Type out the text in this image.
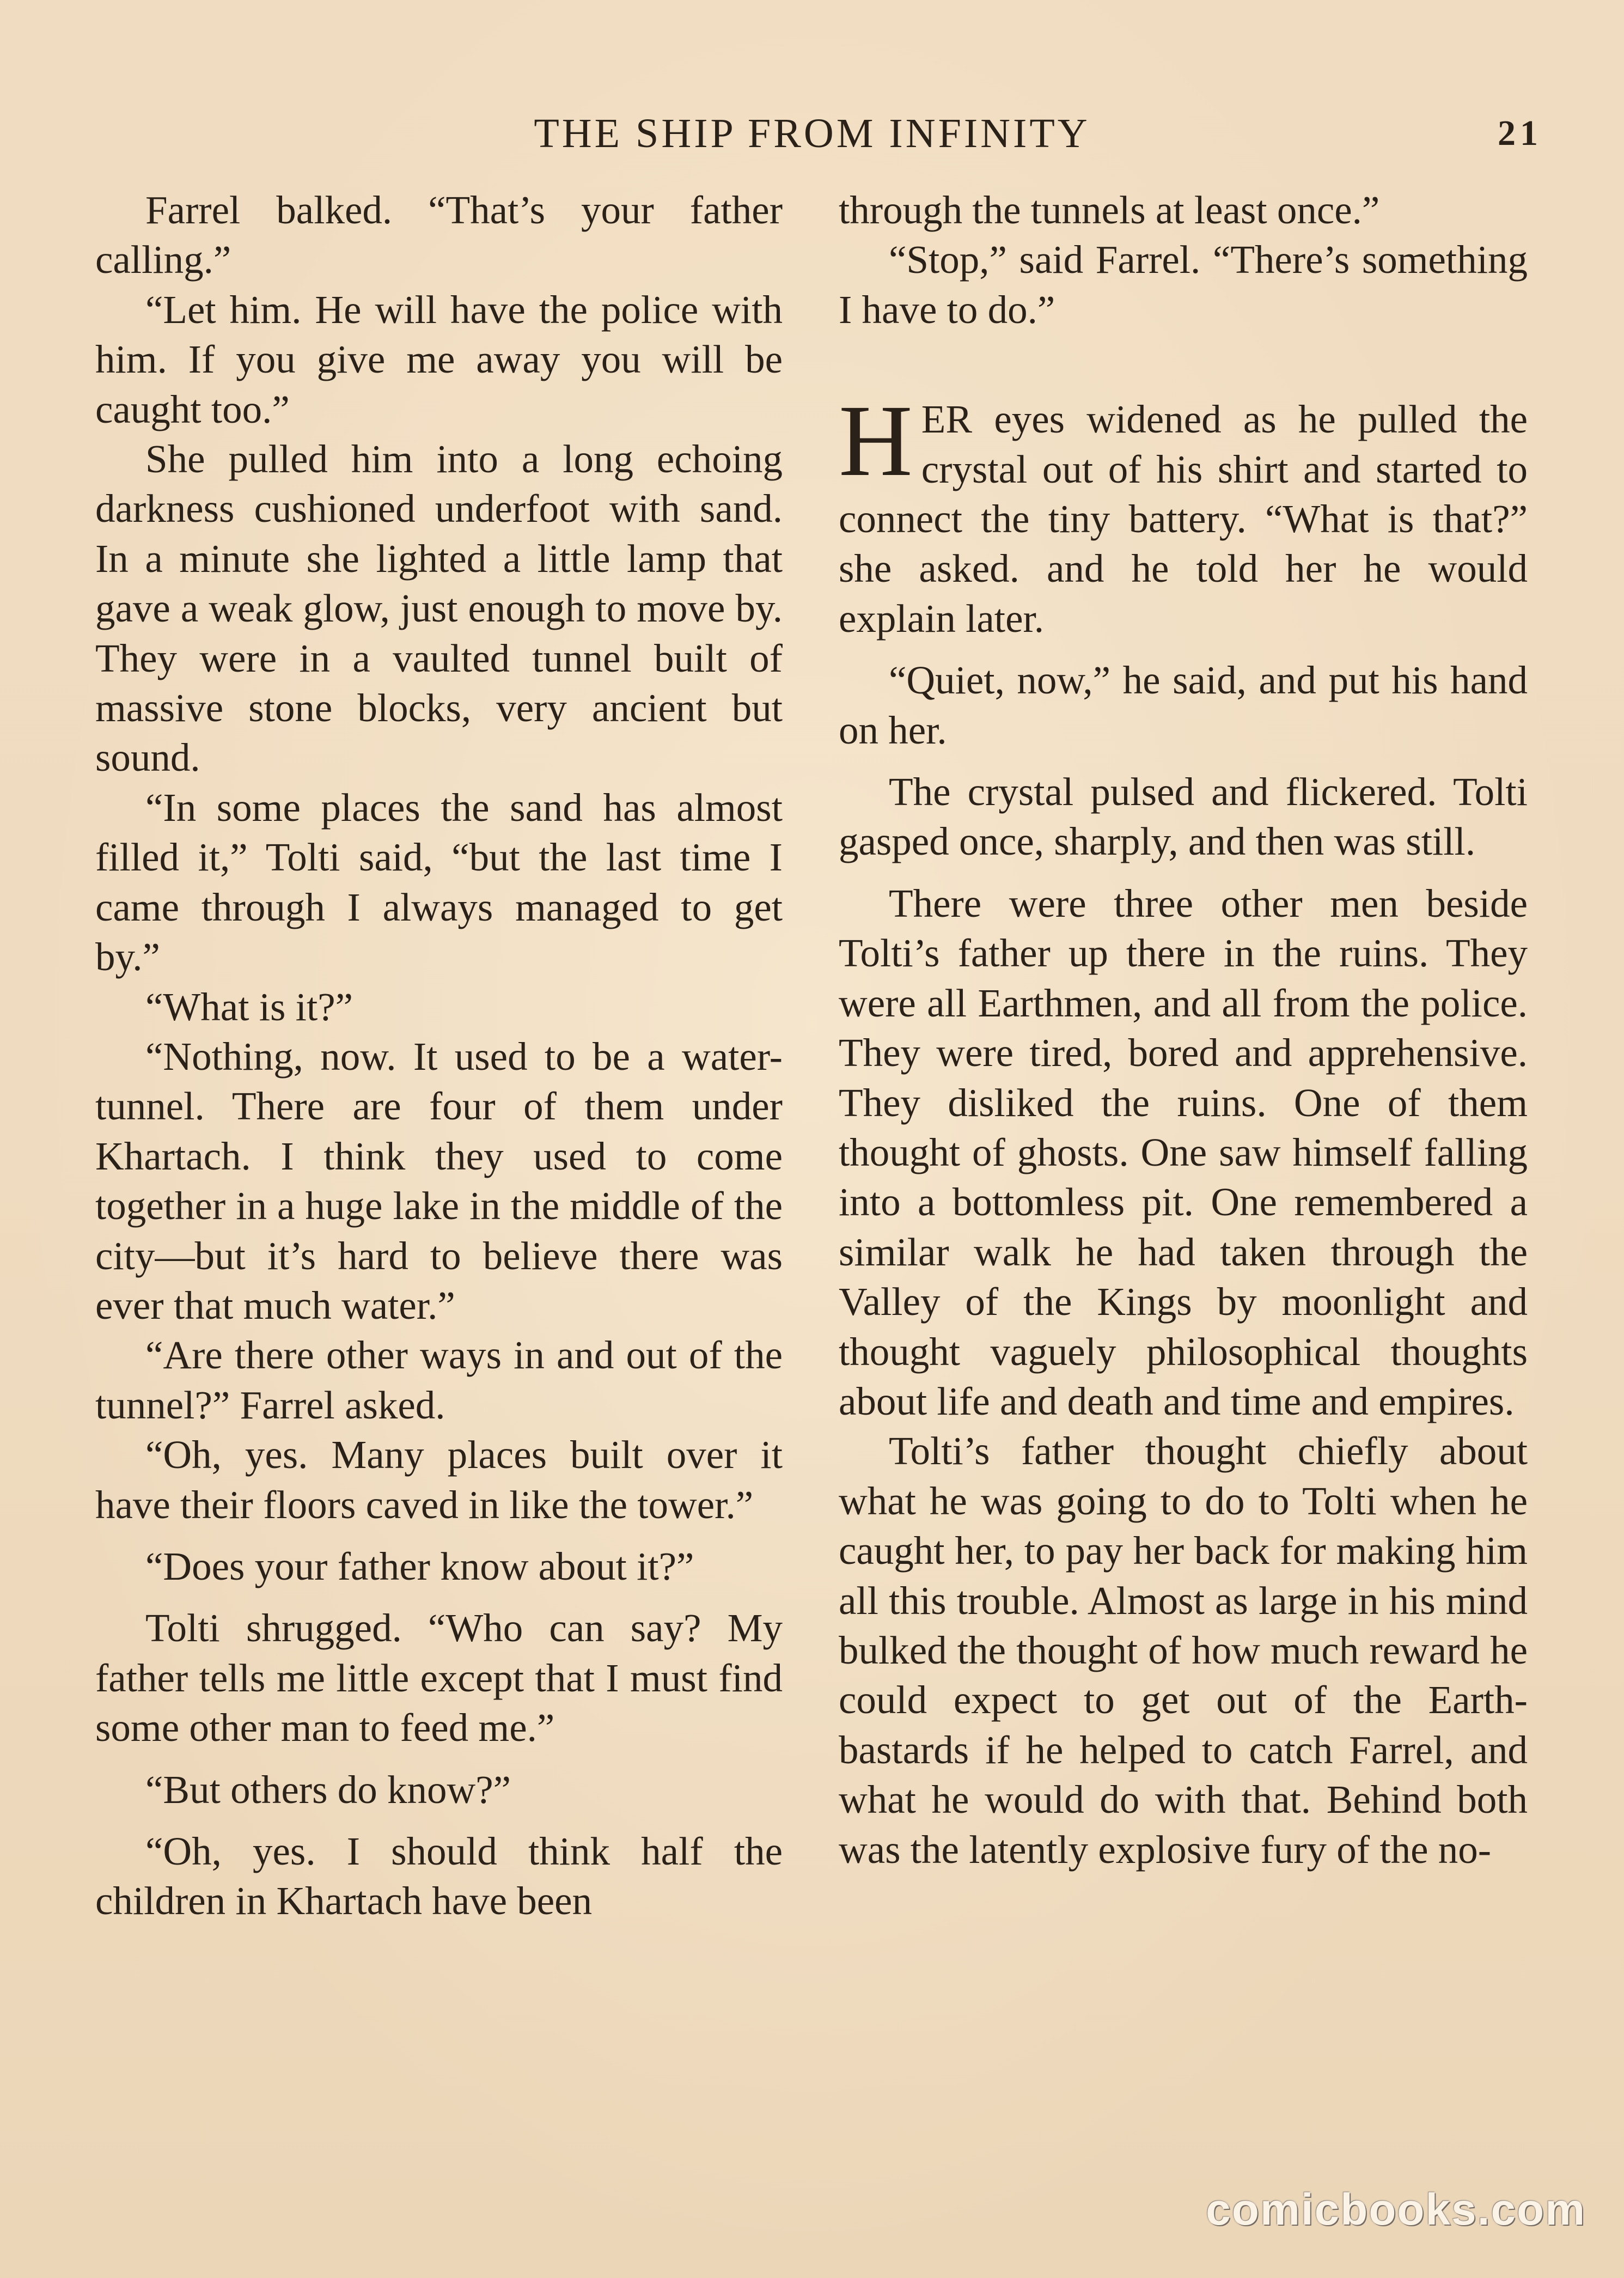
THE SHIP FROM INFINITY	21

Farrel balked. “That’s your father calling.”

“Let him. He will have the police with him. If you give me away you will be caught too.”

She pulled him into a long echoing darkness cushioned underfoot with sand. In a minute she lighted a little lamp that gave a weak glow, just enough to move by. They were in a vaulted tunnel built of massive stone blocks, very ancient but sound.

“In some places the sand has almost filled it,” Tolti said, “but the last time I came through I always managed to get by.”

“What is it?”

“Nothing, now. It used to be a water-tunnel. There are four of them under Khartach. I think they used to come together in a huge lake in the middle of the city—but it’s hard to believe there was ever that much water.”

“Are there other ways in and out of the tunnel?” Farrel asked.

“Oh, yes. Many places built over it have their floors caved in like the tower.”

“Does your father know about it?”

Tolti shrugged. “Who can say? My father tells me little except that I must find some other man to feed me.”

“But others do know?”

“Oh, yes. I should think half the children in Khartach have been

through the tunnels at least once.”

“Stop,” said Farrel. “There’s something I have to do.”

HER eyes widened as he pulled the crystal out of his shirt and started to connect the tiny battery. “What is that?” she asked. and he told her he would explain later.

“Quiet, now,” he said, and put his hand on her.

The crystal pulsed and flickered. Tolti gasped once, sharply, and then was still.

There were three other men beside Tolti’s father up there in the ruins. They were all Earthmen, and all from the police. They were tired, bored and apprehensive. They disliked the ruins. One of them thought of ghosts. One saw himself falling into a bottomless pit. One remembered a similar walk he had taken through the Valley of the Kings by moonlight and thought vaguely philosophical thoughts about life and death and time and empires.

Tolti’s father thought chiefly about what he was going to do to Tolti when he caught her, to pay her back for making him all this trouble. Almost as large in his mind bulked the thought of how much reward he could expect to get out of the Earth-bastards if he helped to catch Farrel, and what he would do with that. Behind both was the latently explosive fury of the no-

comicbooks.com
